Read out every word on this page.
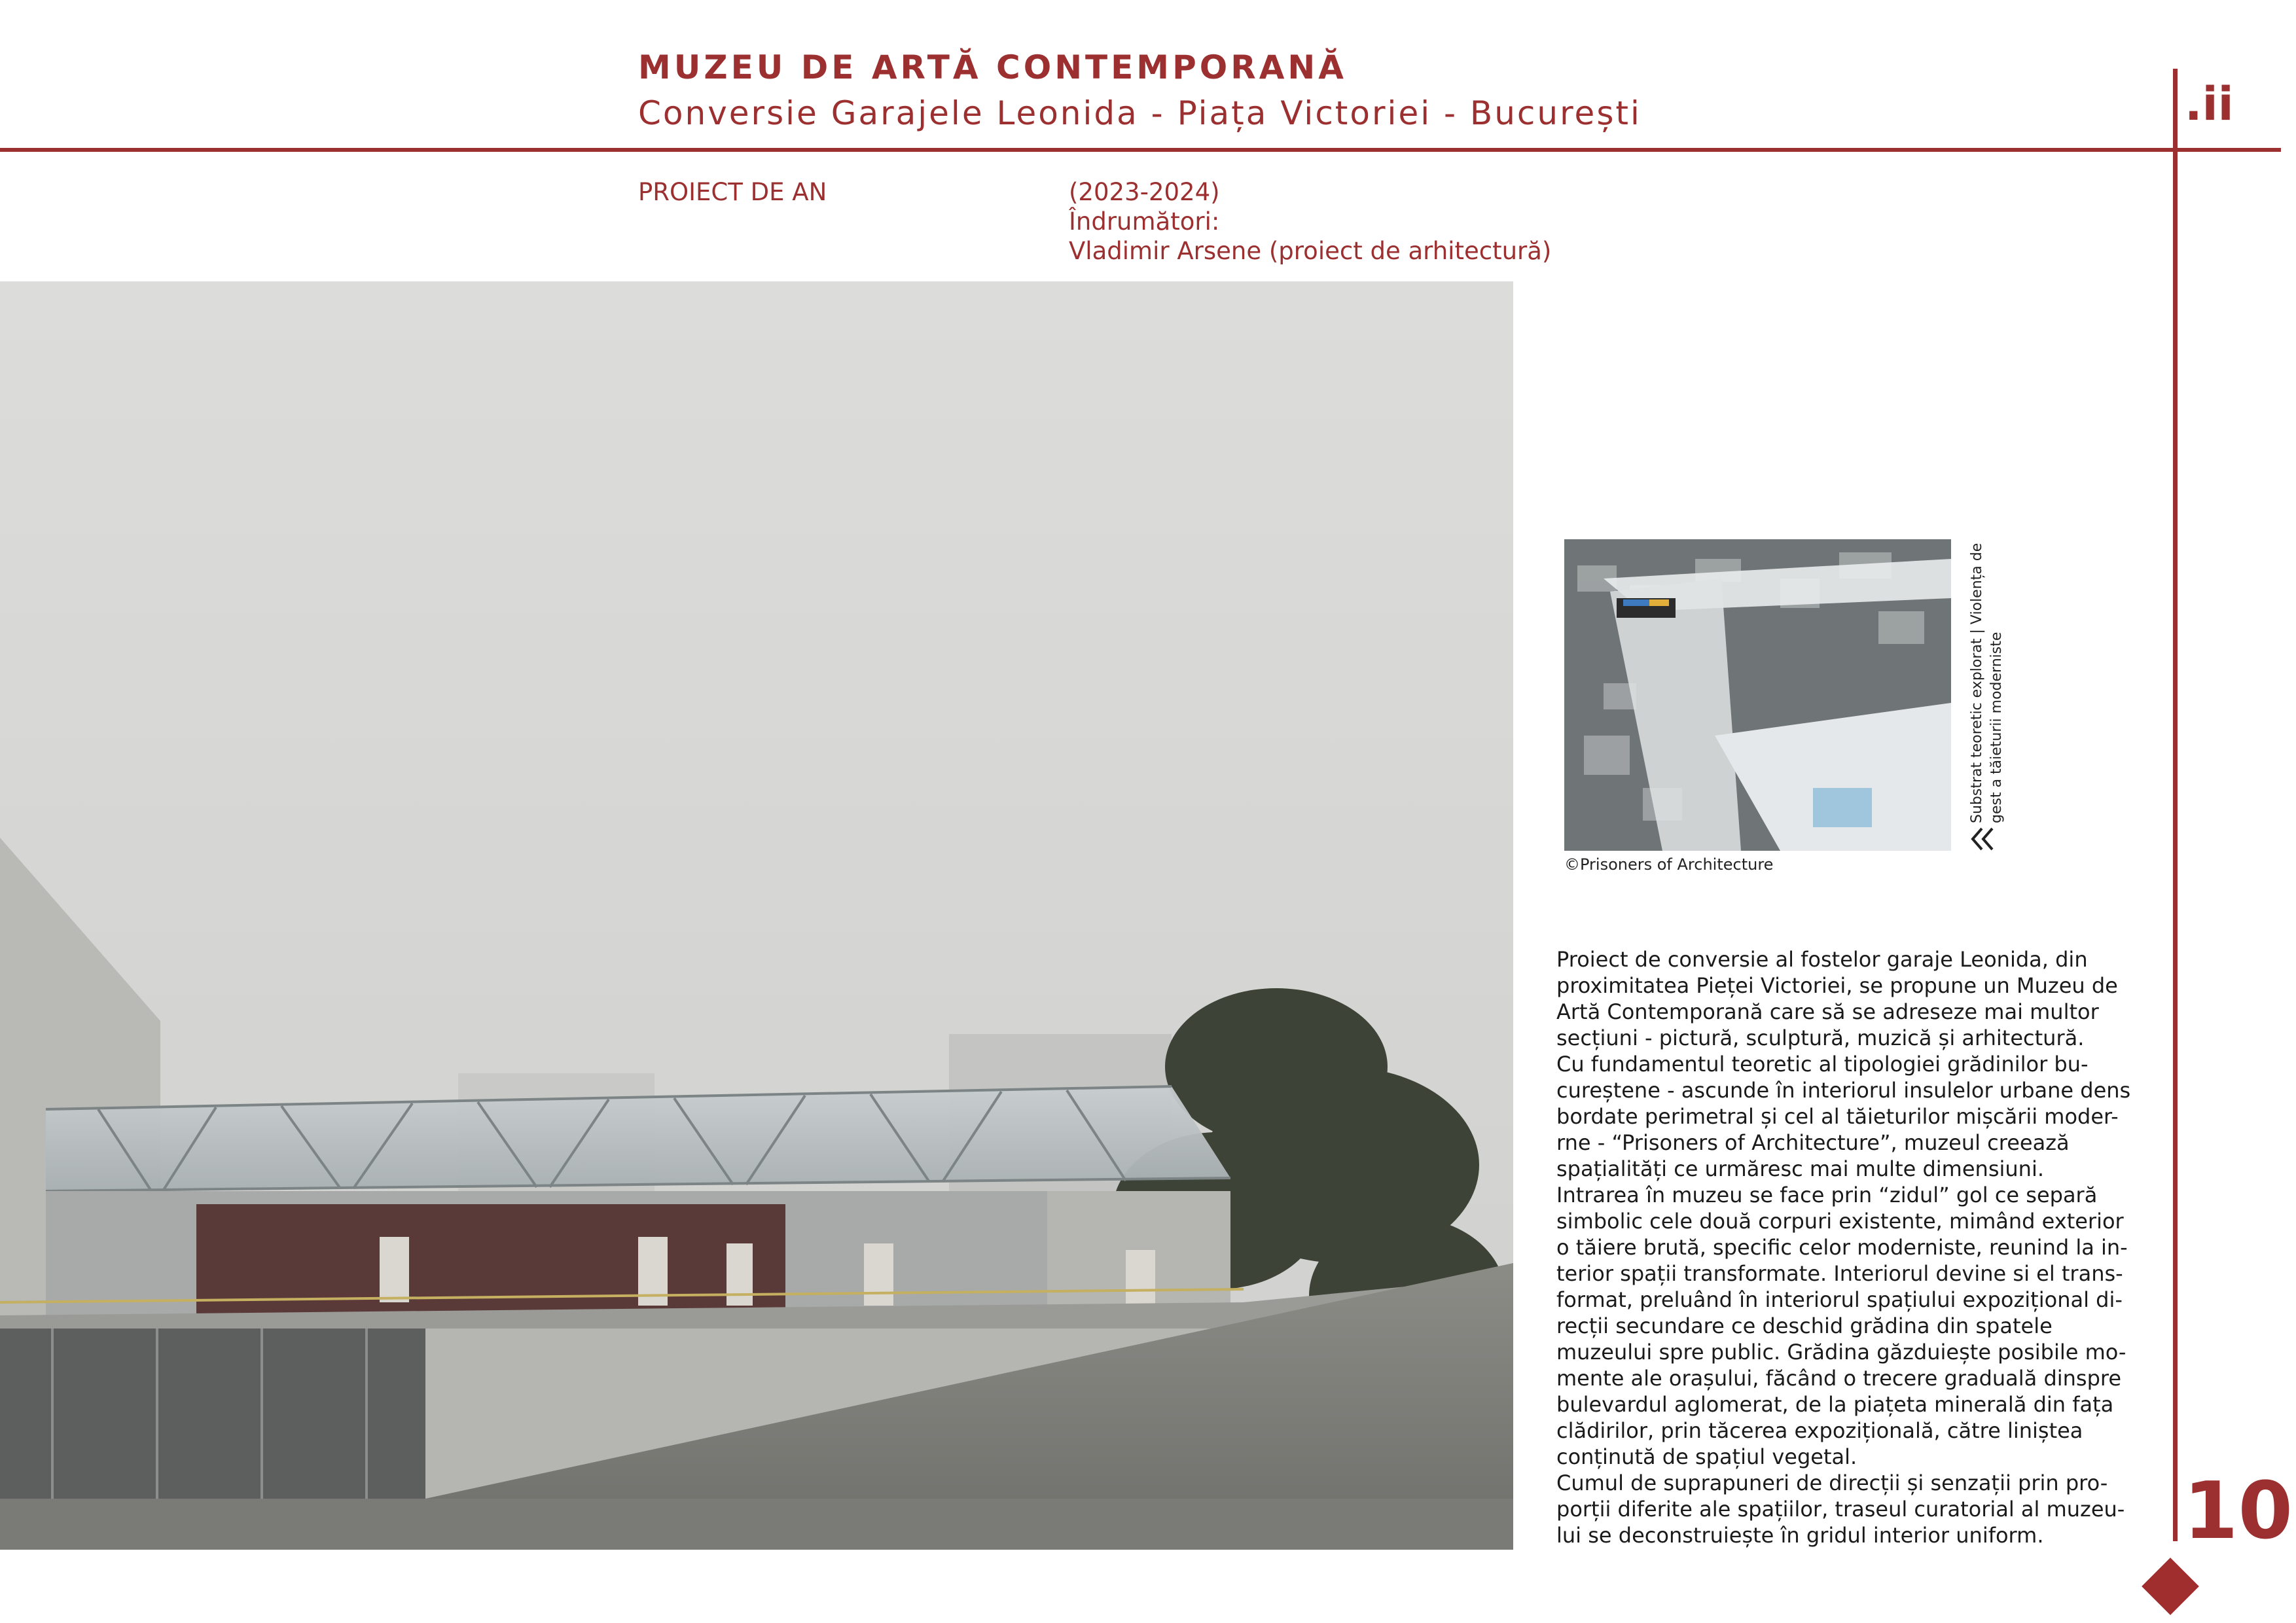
MUZEU DE ARTĂ CONTEMPORANĂ
Conversie Garajele Leonida - Piața Victoriei - București	.ii
PROIECT DE AN	(2023-2024)
Îndrumători:
Vladimir Arsene (proiect de arhitectură)
©Prisoners of Architecture
Substrat teoretic explorat | Violența de gest a tăieturii moderniste
Proiect de conversie al fostelor garaje Leonida, din
proximitatea Pieței Victoriei, se propune un Muzeu de
Artă Contemporană care să se adreseze mai multor
secțiuni - pictură, sculptură, muzică și arhitectură.
Cu fundamentul teoretic al tipologiei grădinilor bu-
cureștene - ascunde în interiorul insulelor urbane dens
bordate perimetral și cel al tăieturilor mișcării moder-
rne - “Prisoners of Architecture”, muzeul creează
spațialități ce urmăresc mai multe dimensiuni.
Intrarea în muzeu se face prin “zidul” gol ce separă
simbolic cele două corpuri existente, mimând exterior
o tăiere brută, specific celor moderniste, reunind la in-
terior spații transformate. Interiorul devine si el trans-
format, preluând în interiorul spațiului expozițional di-
recții secundare ce deschid grădina din spatele
muzeului spre public. Grădina găzduiește posibile mo-
mente ale orașului, făcând o trecere graduală dinspre
bulevardul aglomerat, de la piațeta minerală din fața
clădirilor, prin tăcerea expozițională, către liniștea
conținută de spațiul vegetal.
Cumul de suprapuneri de direcții și senzații prin pro-
porții diferite ale spațiilor, traseul curatorial al muzeu-
lui se deconstruiește în gridul interior uniform.	10
